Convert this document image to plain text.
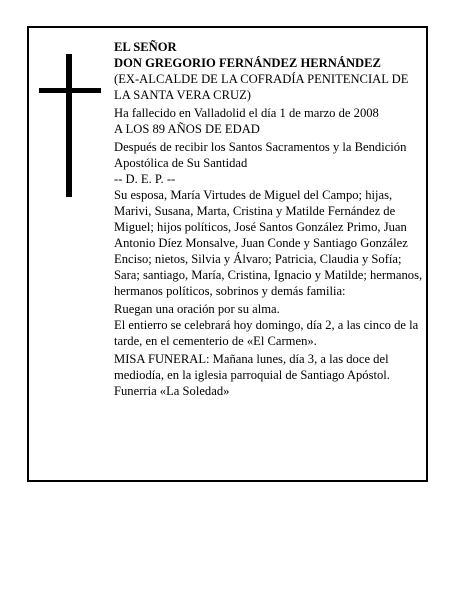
EL SEÑOR

DON GREGORIO FERNÁNDEZ HERNÁNDEZ

(EX-ALCALDE DE LA COFRADÍA PENITENCIAL DE LA SANTA VERA CRUZ)

Ha fallecido en Valladolid el día 1 de marzo de 2008

A LOS 89 AÑOS DE EDAD

Después de recibir los Santos Sacramentos y la Bendición Apostólica de Su Santidad

-- D. E. P. --

Su esposa, María Virtudes de Miguel del Campo; hijas, Marivi, Susana, Marta, Cristina y Matilde Fernández de Miguel; hijos políticos, José Santos González Primo, Juan Antonio Díez Monsalve, Juan Conde y Santiago González Enciso; nietos, Silvia y Álvaro; Patricia, Claudia y Sofía; Sara; santiago, María, Cristina, Ignacio y Matilde; hermanos, hermanos políticos, sobrinos y demás familia:

Ruegan una oración por su alma.

El entierro se celebrará hoy domingo, día 2, a las cinco de la tarde, en el cementerio de «El Carmen».

MISA FUNERAL: Mañana lunes, día 3, a las doce del mediodía, en la iglesia parroquial de Santiago Apóstol.

Funerria «La Soledad»
